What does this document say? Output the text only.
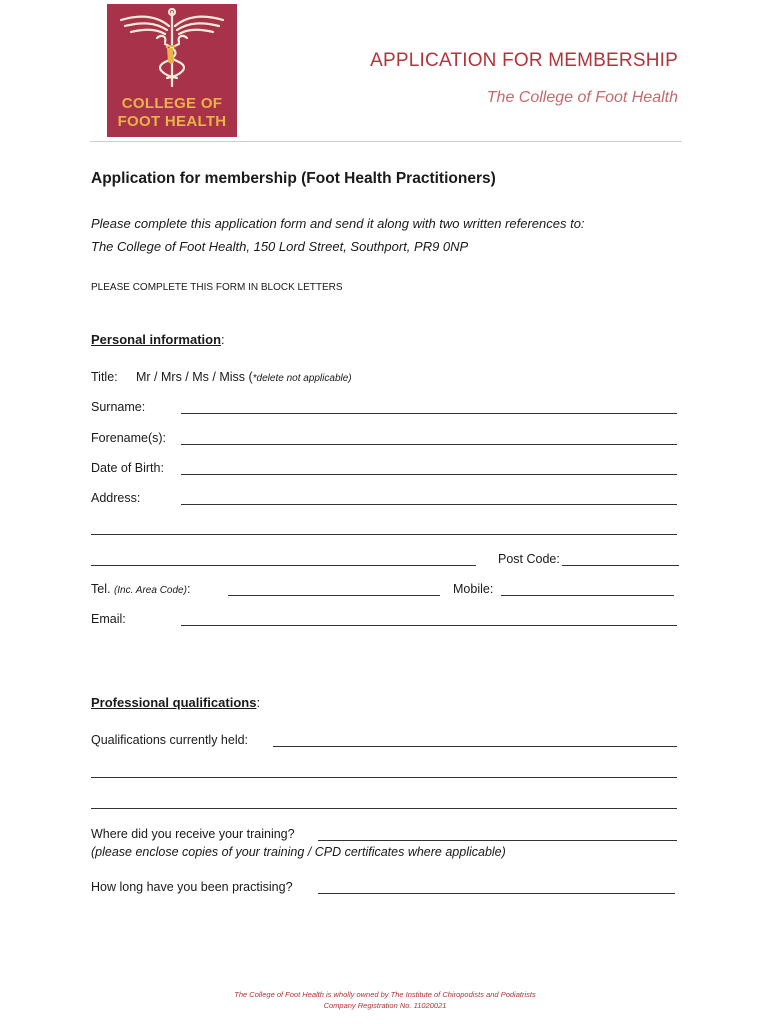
COLLEGE OF
FOOT HEALTH
APPLICATION FOR MEMBERSHIP
The College of Foot Health
Application for membership (Foot Health Practitioners)
Please complete this application form and send it along with two written references to:
The College of Foot Health, 150 Lord Street, Southport, PR9 0NP
PLEASE COMPLETE THIS FORM IN BLOCK LETTERS
Personal information:
Title: Mr / Mrs / Ms / Miss (*delete not applicable)
Surname:
Forename(s):
Date of Birth:
Address:
Post Code:
Tel. (Inc. Area Code):	Mobile:
Email:
Professional qualifications:
Qualifications currently held:
Where did you receive your training?
(please enclose copies of your training / CPD certificates where applicable)
How long have you been practising?
The College of Foot Health is wholly owned by The Institute of Chiropodists and Podiatrists
Company Registration No. 11020021
